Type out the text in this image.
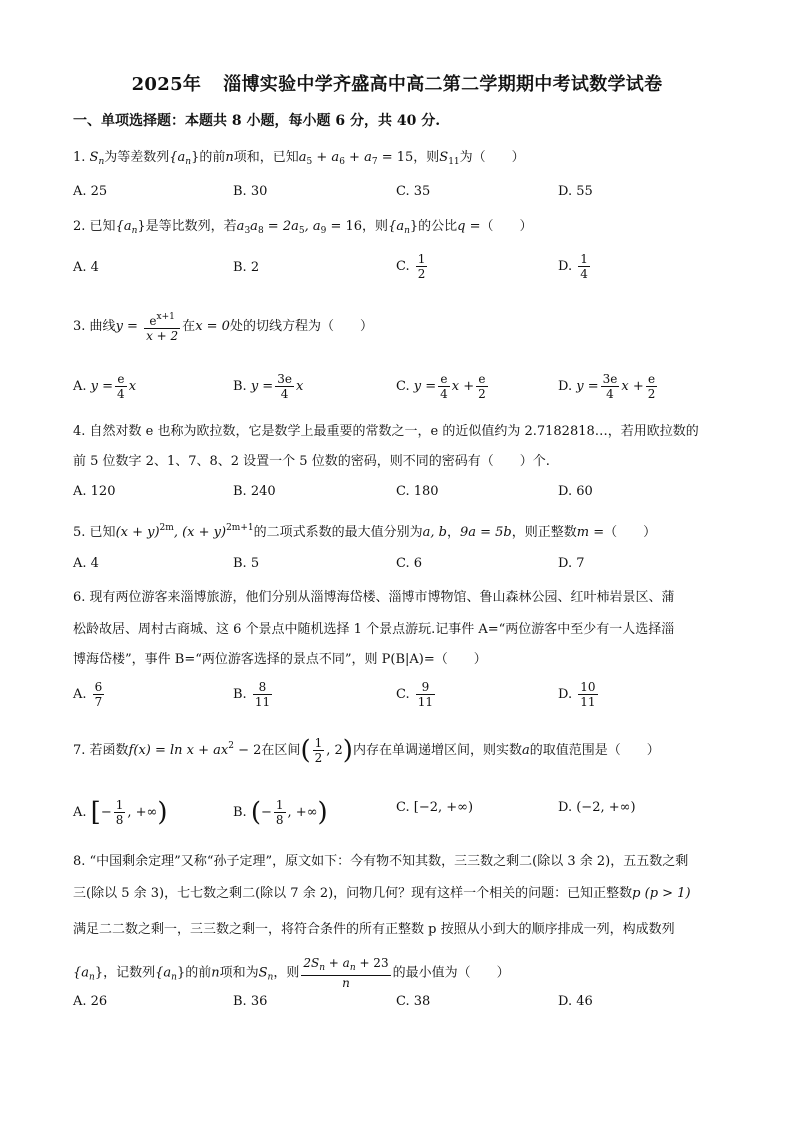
2025年 淄博实验中学齐盛高中高二第二学期期中考试数学试卷
一、单项选择题：本题共 8 小题，每小题 6 分，共 40 分.
1. $S_n$为等差数列$\{a_n\}$的前n项和，已知$a_5 + a_6 + a_7 = 15$，则$S_{11}$为（　　）
A. 25	B. 30	C. 35	D. 55
2. 已知$\{a_n\}$是等比数列，若$a_3a_8 = 2a_5$, $a_9 = 16$，则$\{a_n\}$的公比q =（　　）
A. 4	B. 2	C. $\frac{1}{2}$	D. $\frac{1}{4}$
3. 曲线$y = \frac{e^{x+1}}{x + 2}$ 在x = 0处的切线方程为（　　）
A. $y = \frac{e}{4}$ x	B. $y = \frac{3e}{4}$ x	C. $y = \frac{e}{4}$ $x + \frac{e}{2}$	D. $y = \frac{3e}{4}$ $x + \frac{e}{2}$
4. 自然对数 e 也称为欧拉数，它是数学上最重要的常数之一，e 的近似值约为 2.7182818…，若用欧拉数的
前 5 位数字 2、1、7、8、2 设置一个 5 位数的密码，则不同的密码有（　　）个.
A. 120	B. 240	C. 180	D. 60
5. 已知$(x + y)^{2m}$, $(x + y)^{2m+1}$的二项式系数的最大值分别为a, b，9a = 5b，则正整数m =（　　）
A. 4	B. 5	C. 6	D. 7
6. 现有两位游客来淄博旅游，他们分别从淄博海岱楼、淄博市博物馆、鲁山森林公园、红叶柿岩景区、蒲
松龄故居、周村古商城、这 6 个景点中随机选择 1 个景点游玩.记事件 A=“两位游客中至少有一人选择淄
博海岱楼”，事件 B=“两位游客选择的景点不同”，则 P(B|A)=（　　）
A. $\frac{6}{7}$	B. $\frac{8}{11}$	C. $\frac{9}{11}$	D. $\frac{10}{11}$
7. 若函数$f(x) = \ln x + ax^2 - 2$在区间( $\frac{1}{2}$ , 2)内存在单调递增区间，则实数a的取值范围是（　　）
A. [− $\frac{1}{8}$ , +∞)	B. (− $\frac{1}{8}$ , +∞)	C. [−2, +∞)	D. (−2, +∞)
8. “中国剩余定理”又称“孙子定理”，原文如下：今有物不知其数，三三数之剩二(除以 3 余 2)，五五数之剩
三(除以 5 余 3)，七七数之剩二(除以 7 余 2)，问物几何？现有这样一个相关的问题：已知正整数p (p > 1)
满足二二数之剩一，三三数之剩一，将符合条件的所有正整数 p 按照从小到大的顺序排成一列，构成数列
$\{a_n\}$，记数列$\{a_n\}$的前n项和为$S_n$，则 $\frac{2S_n + a_n + 23}{n}$ 的最小值为（　　）
A. 26	B. 36	C. 38	D. 46
